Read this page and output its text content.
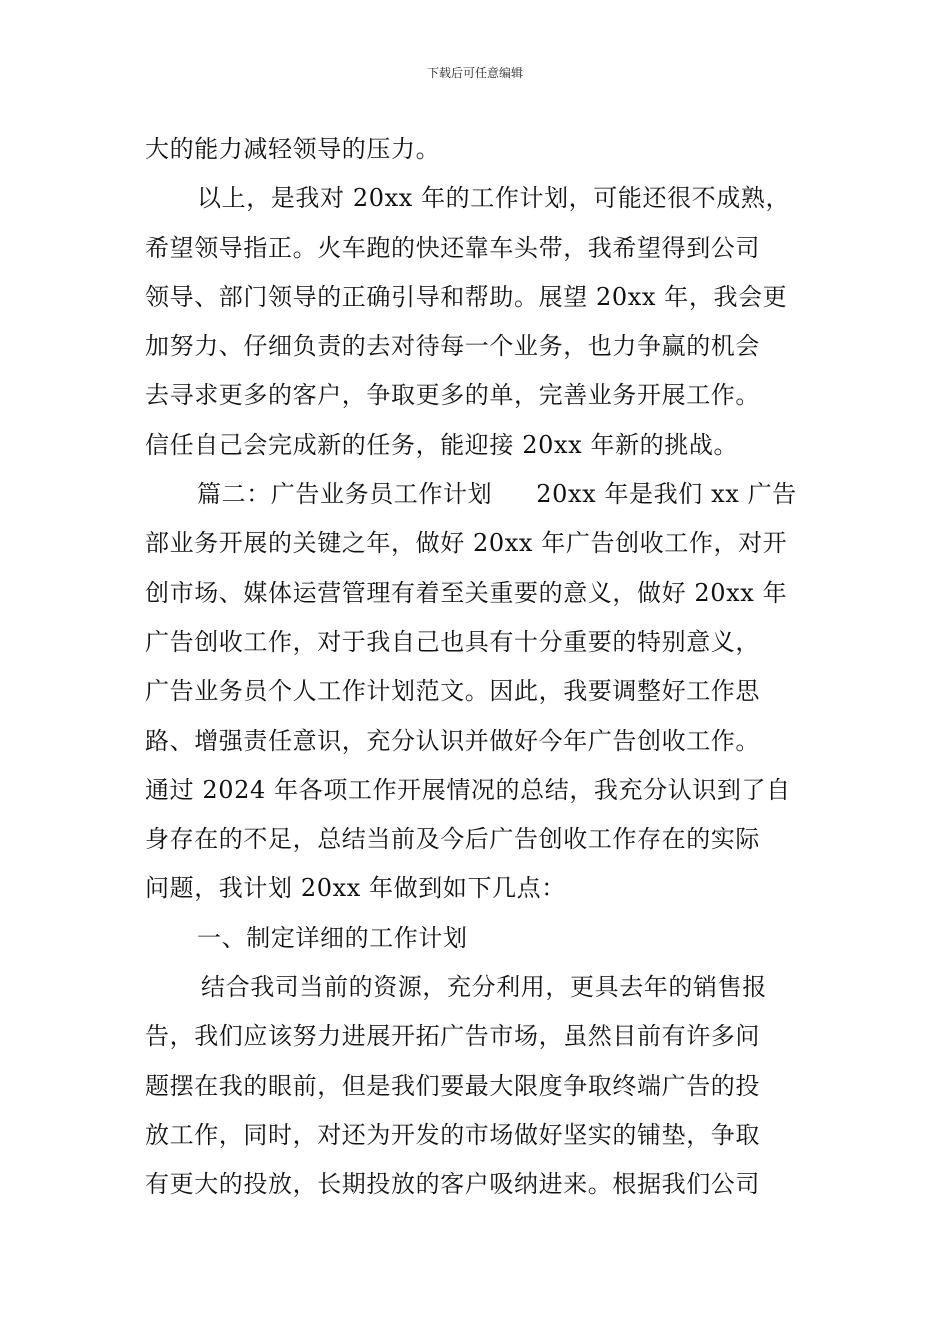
下载后可任意编辑
大的能力减轻领导的压力。
以上，是我对 20xx 年的工作计划，可能还很不成熟，
希望领导指正。火车跑的快还靠车头带，我希望得到公司
领导、部门领导的正确引导和帮助。展望 20xx 年，我会更
加努力、仔细负责的去对待每一个业务，也力争赢的机会
去寻求更多的客户，争取更多的单，完善业务开展工作。
信任自己会完成新的任务，能迎接 20xx 年新的挑战。
篇二：广告业务员工作计划 20xx 年是我们 xx 广告
部业务开展的关键之年，做好 20xx 年广告创收工作，对开
创市场、媒体运营管理有着至关重要的意义，做好 20xx 年
广告创收工作，对于我自己也具有十分重要的特别意义，
广告业务员个人工作计划范文。因此，我要调整好工作思
路、增强责任意识，充分认识并做好今年广告创收工作。
通过 2024 年各项工作开展情况的总结，我充分认识到了自
身存在的不足，总结当前及今后广告创收工作存在的实际
问题，我计划 20xx 年做到如下几点：
一、制定详细的工作计划
结合我司当前的资源，充分利用，更具去年的销售报
告，我们应该努力进展开拓广告市场，虽然目前有许多问
题摆在我的眼前，但是我们要最大限度争取终端广告的投
放工作，同时，对还为开发的市场做好坚实的铺垫，争取
有更大的投放，长期投放的客户吸纳进来。根据我们公司
